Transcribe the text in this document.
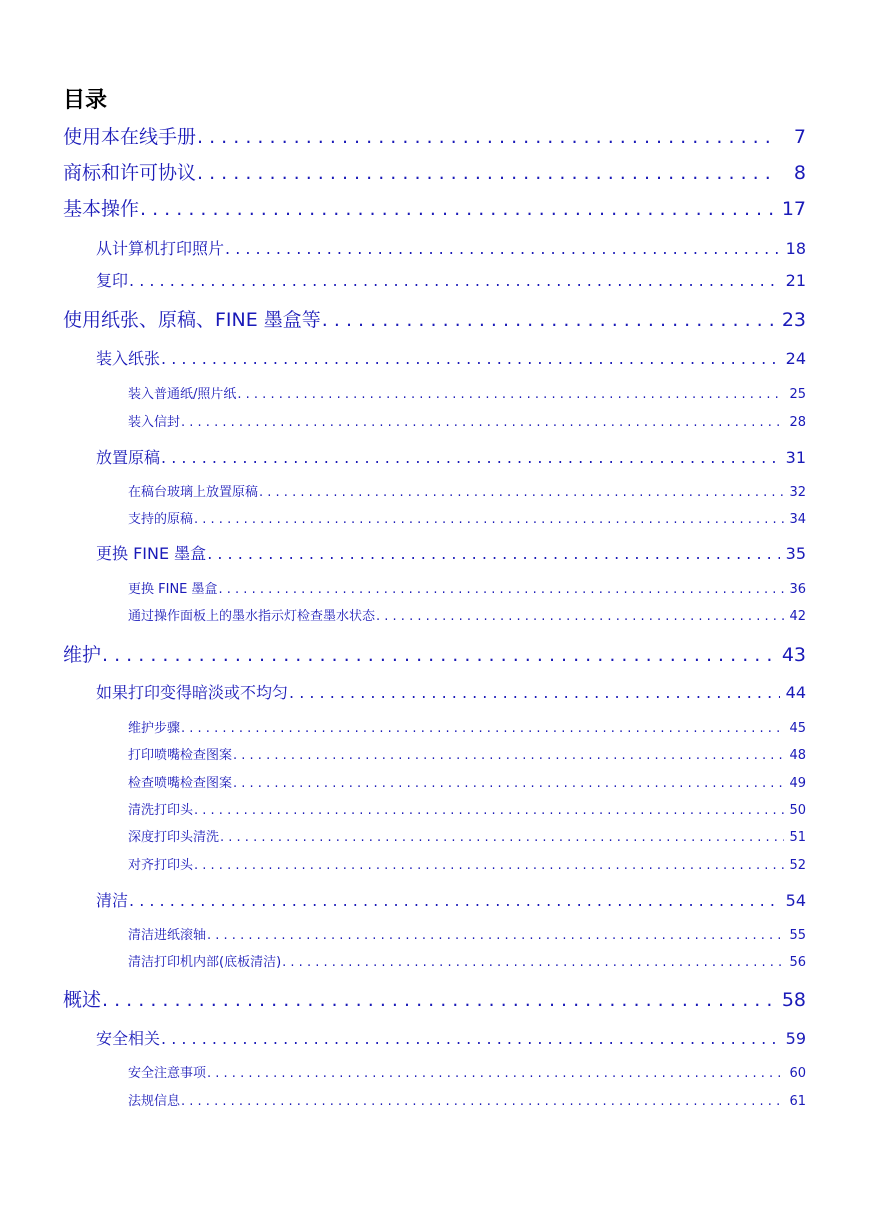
目录
使用本在线手册 . . .	7
商标和许可协议 . . .	8
基本操作 . . .	17
从计算机打印照片 . . .	18
复印 . . .	21
使用纸张、原稿、FINE 墨盒等 . . .	23
装入纸张 . . .	24
装入普通纸/照片纸 . . .	25
装入信封 . . .	28
放置原稿 . . .	31
在稿台玻璃上放置原稿 . . .	32
支持的原稿 . . .	34
更换 FINE 墨盒 . . .	35
更换 FINE 墨盒 . . .	36
通过操作面板上的墨水指示灯检查墨水状态 . . .	42
维护 . . .	43
如果打印变得暗淡或不均匀 . . .	44
维护步骤 . . .	45
打印喷嘴检查图案 . . .	48
检查喷嘴检查图案 . . .	49
清洗打印头 . . .	50
深度打印头清洗 . . .	51
对齐打印头 . . .	52
清洁 . . .	54
清洁进纸滚轴 . . .	55
清洁打印机内部(底板清洁) . . .	56
概述 . . .	58
安全相关 . . .	59
安全注意事项 . . .	60
法规信息 . . .	61
